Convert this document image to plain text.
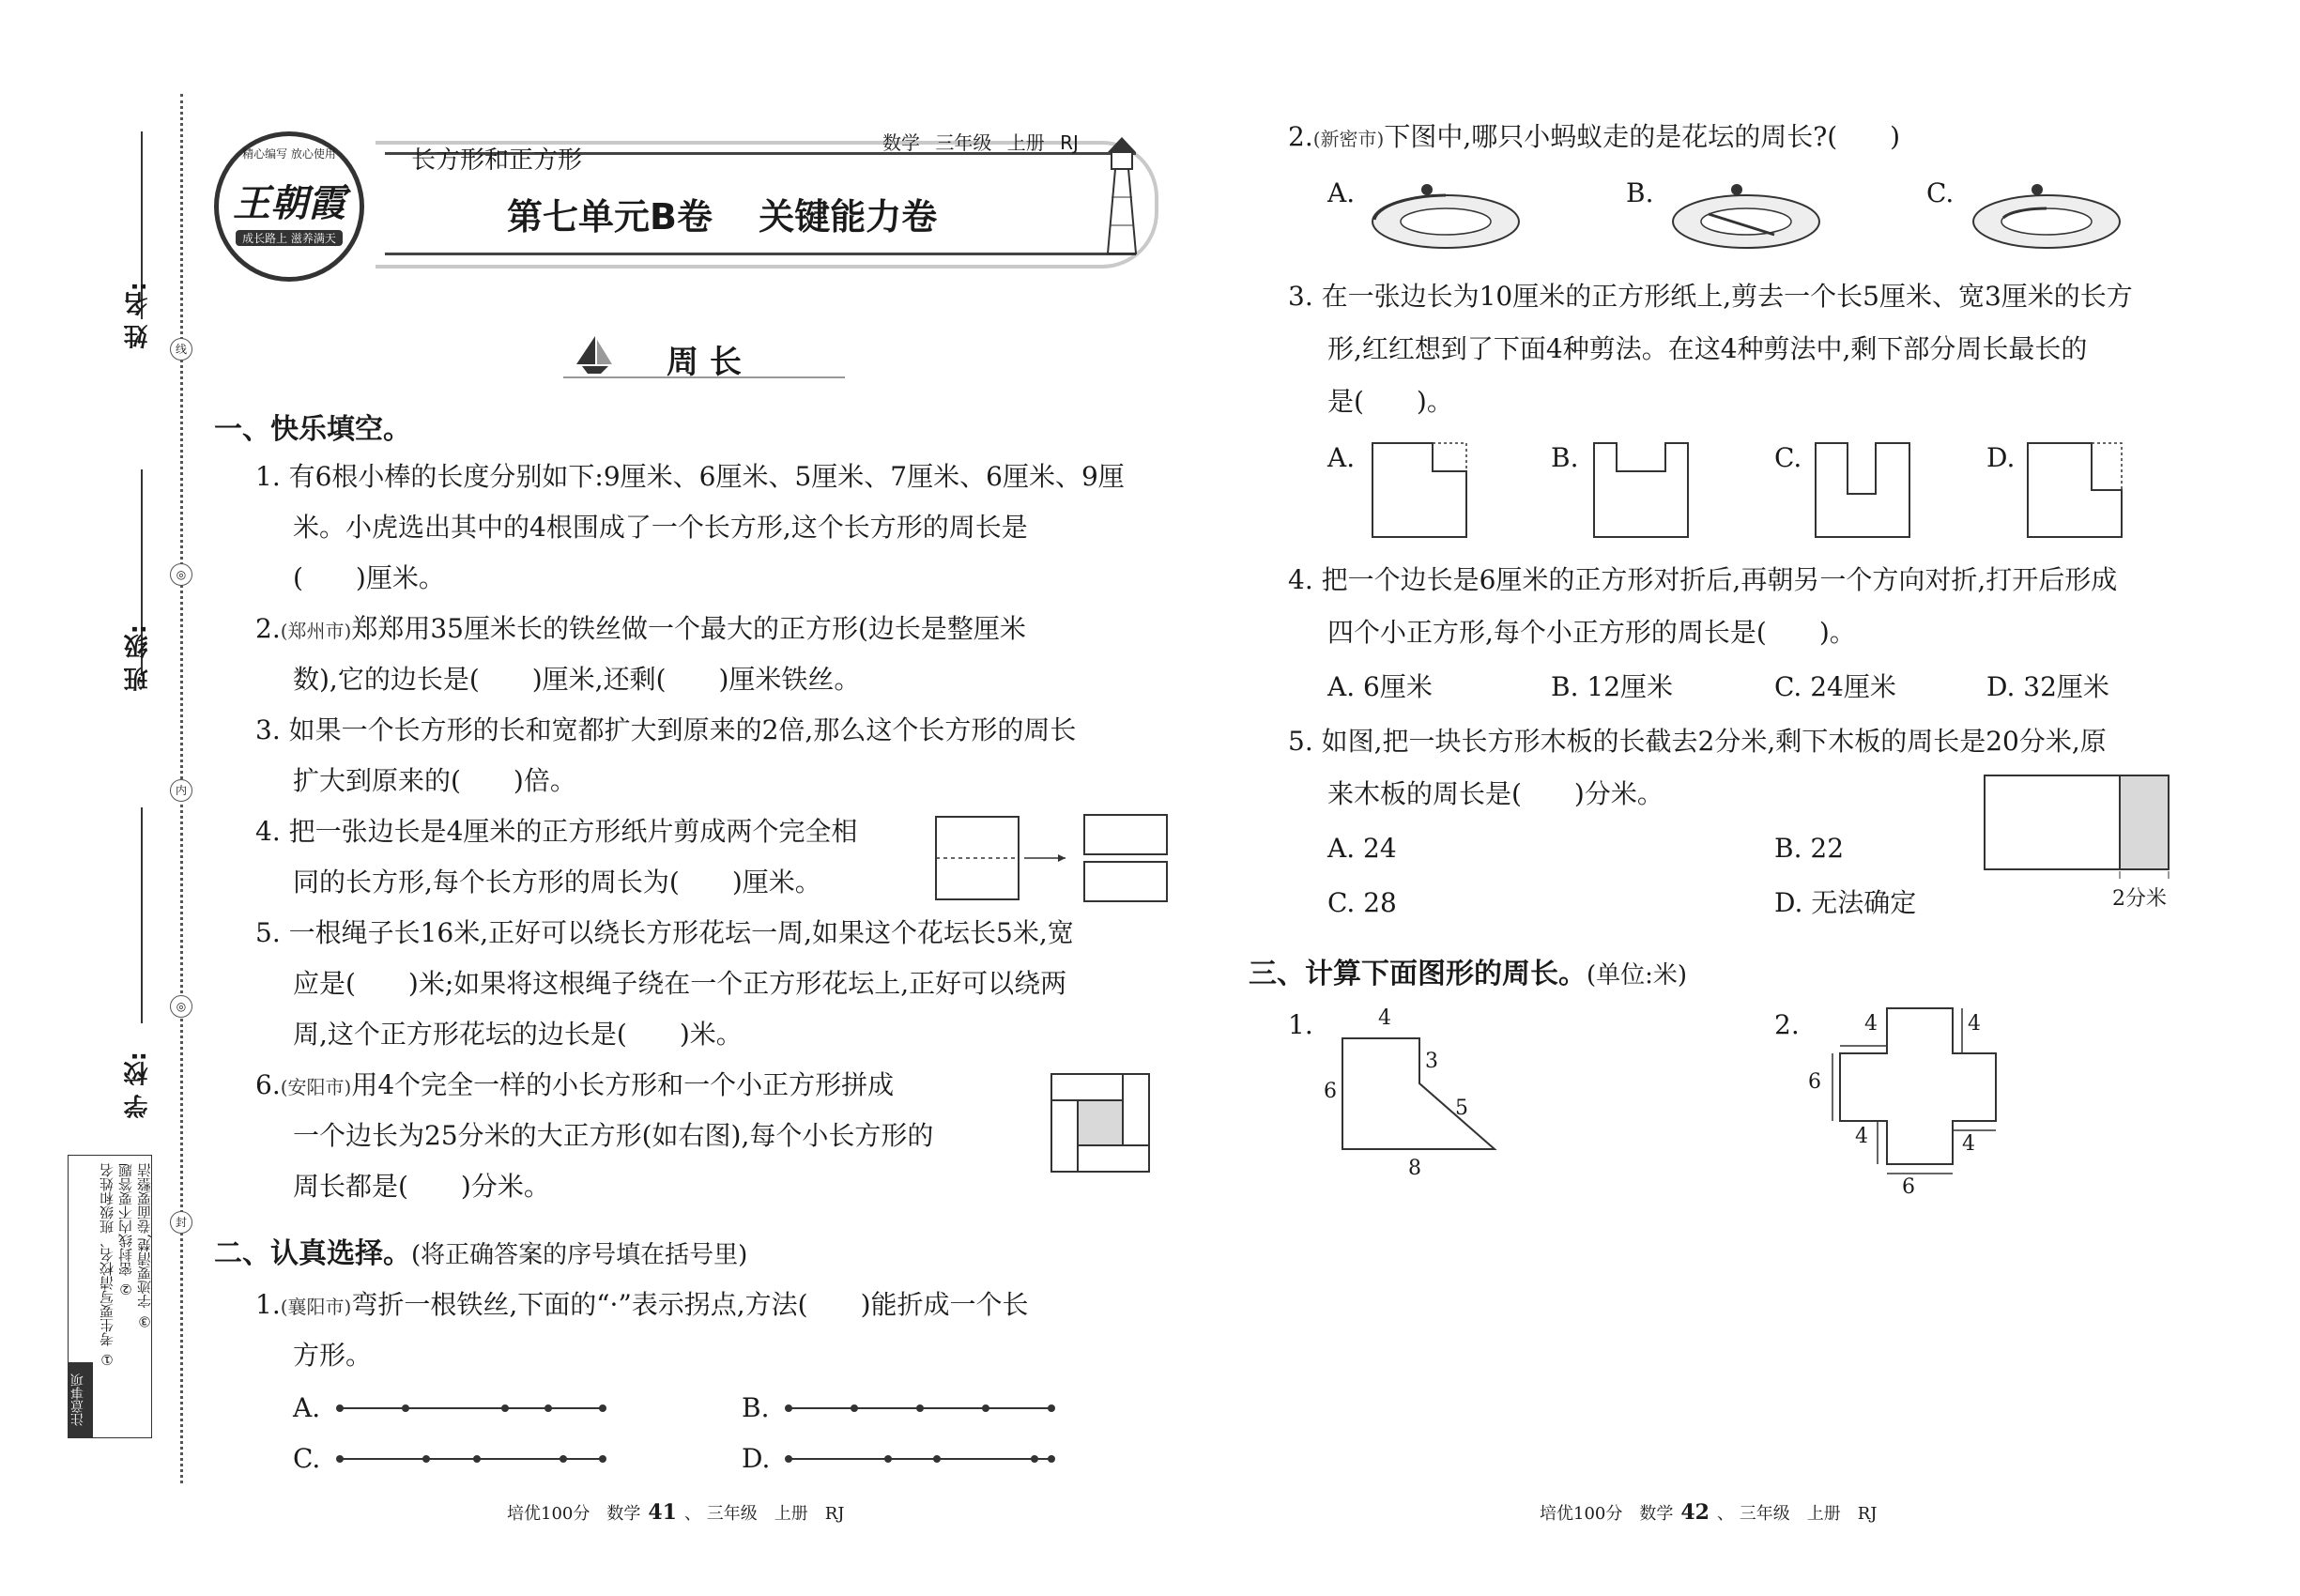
姓 名:
班 级:
学 校:
线
◎
内
◎
封
注意事项
① 考生要写清校名、班级和姓名 ② 密封线内不要答题 ③ 字迹要清楚,卷面要整洁
精心编写 放心使用
王朝霞
成长路上 滋养满天
长方形和正方形
数学 三年级 上册 RJ
第七单元B卷 关键能力卷
周 长
一、快乐填空。
1. 有6根小棒的长度分别如下:9厘米、6厘米、5厘米、7厘米、6厘米、9厘
米。小虎选出其中的4根围成了一个长方形,这个长方形的周长是
(　　)厘米。
2.(郑州市)郑郑用35厘米长的铁丝做一个最大的正方形(边长是整厘米
数),它的边长是(　　)厘米,还剩(　　)厘米铁丝。
3. 如果一个长方形的长和宽都扩大到原来的2倍,那么这个长方形的周长
扩大到原来的(　　)倍。
4. 把一张边长是4厘米的正方形纸片剪成两个完全相
同的长方形,每个长方形的周长为(　　)厘米。
5. 一根绳子长16米,正好可以绕长方形花坛一周,如果这个花坛长5米,宽
应是(　　)米;如果将这根绳子绕在一个正方形花坛上,正好可以绕两
周,这个正方形花坛的边长是(　　)米。
6.(安阳市)用4个完全一样的小长方形和一个小正方形拼成
一个边长为25分米的大正方形(如右图),每个小长方形的
周长都是(　　)分米。
二、认真选择。(将正确答案的序号填在括号里)
1.(襄阳市)弯折一根铁丝,下面的“·”表示拐点,方法(　　)能折成一个长
方形。
A.	B.
C.	D.
培优100分　数学 41 、 三年级　上册　RJ
2.(新密市)下图中,哪只小蚂蚁走的是花坛的周长?(　　)
A.	B.	C.
3. 在一张边长为10厘米的正方形纸上,剪去一个长5厘米、宽3厘米的长方
形,红红想到了下面4种剪法。在这4种剪法中,剩下部分周长最长的
是(　　)。
A.	B.	C.	D.
4. 把一个边长是6厘米的正方形对折后,再朝另一个方向对折,打开后形成
四个小正方形,每个小正方形的周长是(　　)。
A. 6厘米	B. 12厘米	C. 24厘米	D. 32厘米
5. 如图,把一块长方形木板的长截去2分米,剩下木板的周长是20分米,原
来木板的周长是(　　)分米。
A. 24	B. 22
C. 28	D. 无法确定	2分米
三、计算下面图形的周长。(单位:米)
1.	4
3
6
5
8
2.	4	4
6
4	4
6
培优100分　数学 42 、 三年级　上册　RJ
